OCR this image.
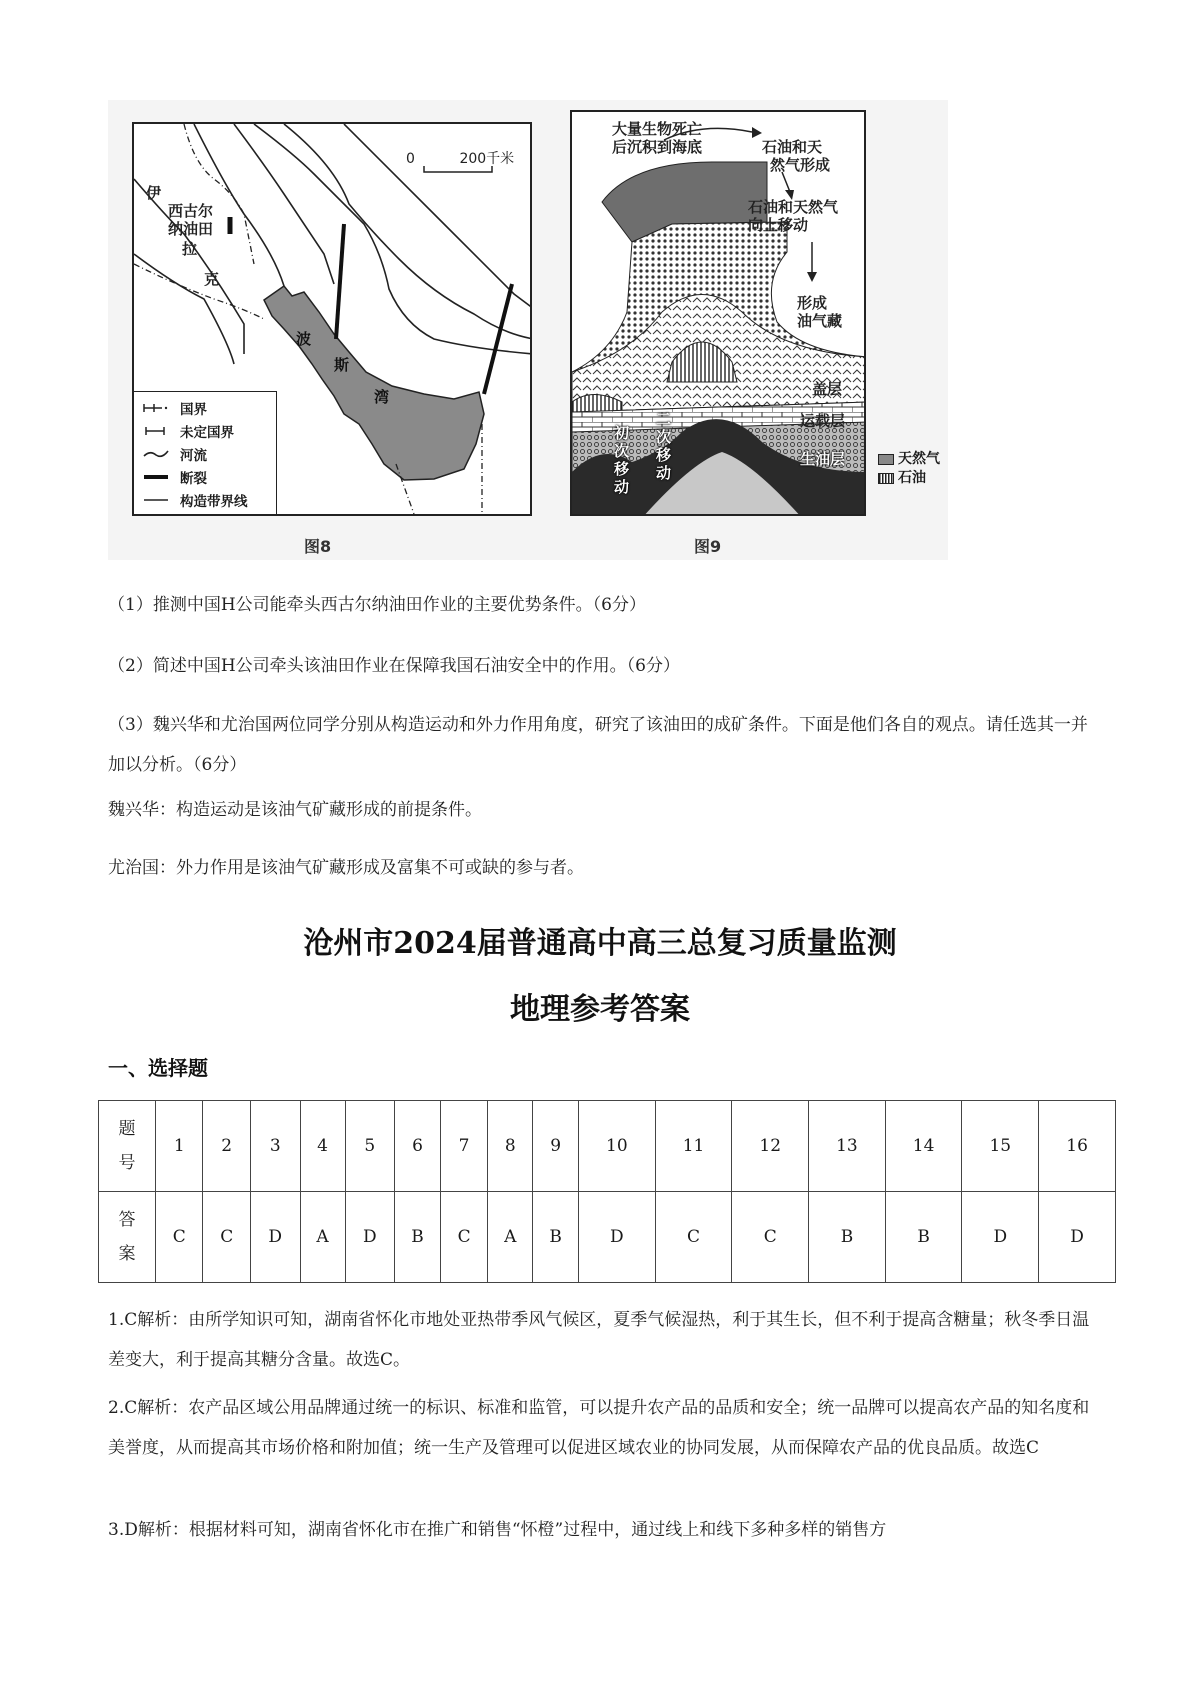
0	200千米
伊
西古尔
纳油田
拉
克
波
斯
湾
国界
未定国界
河流
断裂
构造带界线
大量生物死亡
后沉积到海底	石油和天
然气形成
石油和天然气
向上移动
形成
油气藏
盖层
运载层
生油层
初次移动
二次移动
天然气
石油
图8	图9
（1）推测中国H公司能牵头西古尔纳油田作业的主要优势条件。（6分）
（2）简述中国H公司牵头该油田作业在保障我国石油安全中的作用。（6分）
（3）魏兴华和尤治国两位同学分别从构造运动和外力作用角度，研究了该油田的成矿条件。下面是他们各自的观点。请任选其一并加以分析。（6分）
魏兴华：构造运动是该油气矿藏形成的前提条件。
尤治国：外力作用是该油气矿藏形成及富集不可或缺的参与者。
沧州市2024届普通高中高三总复习质量监测
地理参考答案
一、选择题
题
号	1	2	3	4	5	6	7	8	9	10	11	12	13	14	15	16
答
案	C	C	D	A	D	B	C	A	B	D	C	C	B	B	D	D
1.C解析：由所学知识可知，湖南省怀化市地处亚热带季风气候区，夏季气候湿热，利于其生长，但不利于提高含糖量；秋冬季日温差变大，利于提高其糖分含量。故选C。
2.C解析：农产品区域公用品牌通过统一的标识、标准和监管，可以提升农产品的品质和安全；统一品牌可以提高农产品的知名度和美誉度，从而提高其市场价格和附加值；统一生产及管理可以促进区域农业的协同发展，从而保障农产品的优良品质。故选C
3.D解析：根据材料可知，湖南省怀化市在推广和销售“怀橙”过程中，通过线上和线下多种多样的销售方
